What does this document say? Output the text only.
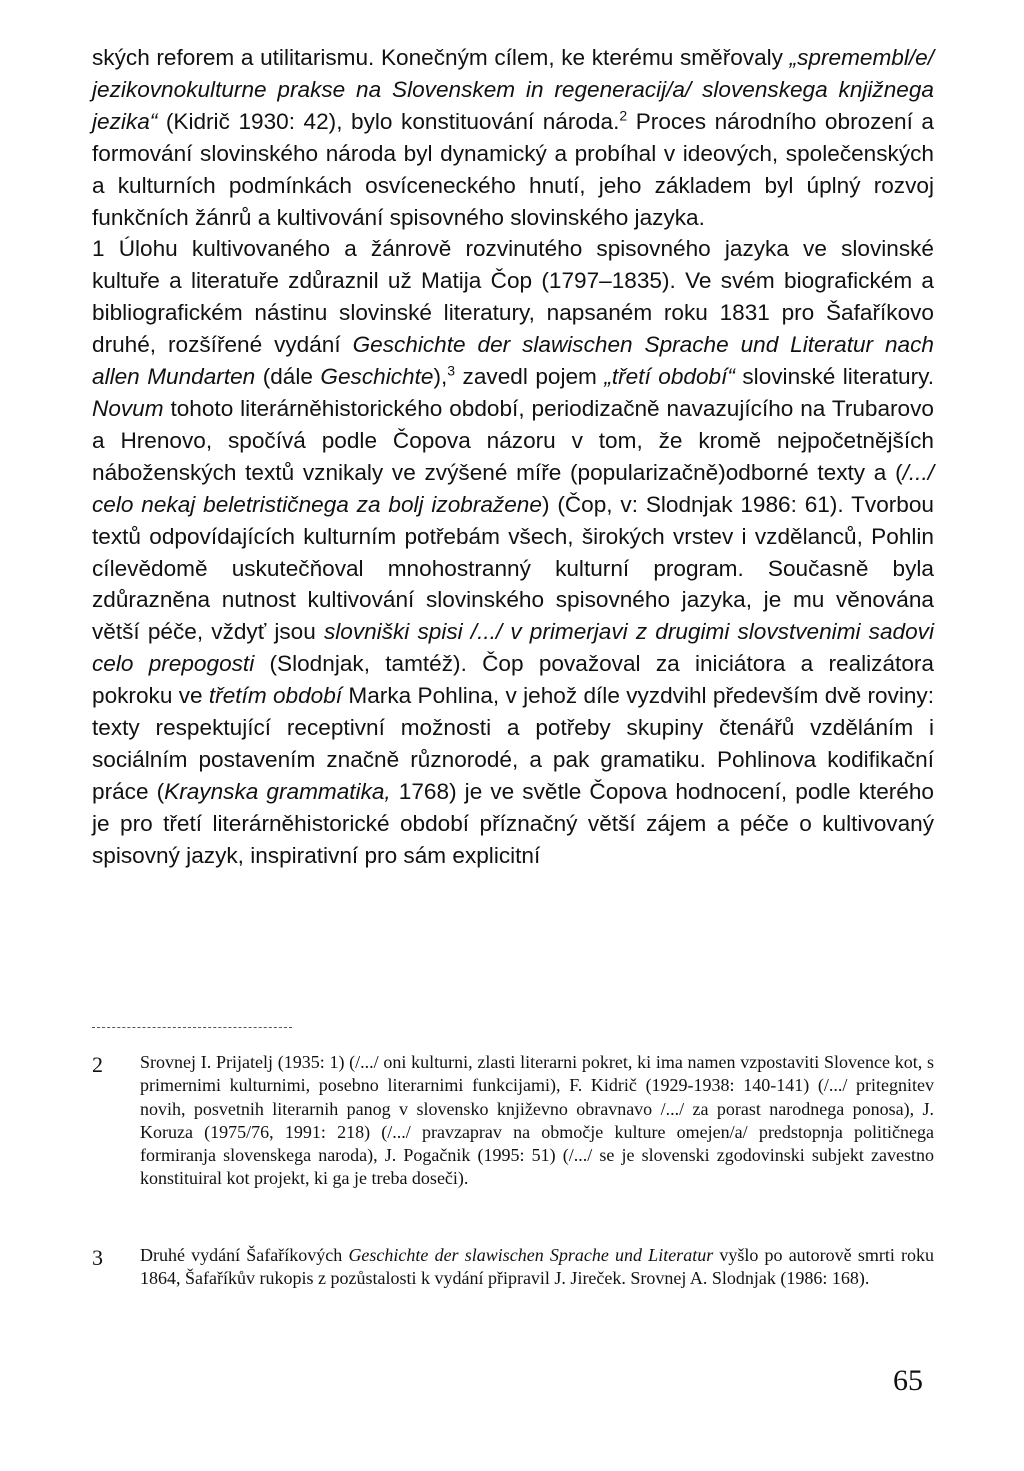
ských reforem a utilitarismu. Konečným cílem, ke kterému směřovaly „spremembl/e/ jezikovnokulturne prakse na Slovenskem in regeneracij/a/ slovenskega knjižnega jezika“ (Kidrič 1930: 42), bylo konstituování národa.$^2$ Proces národního obrození a formování slovinského národa byl dynamický a probíhal v ideových, společenských a kulturních podmínkách osvíceneckého hnutí, jeho základem byl úplný rozvoj funkčních žánrů a kultivování spisovného slovinského jazyka.

1 Úlohu kultivovaného a žánrově rozvinutého spisovného jazyka ve slovinské kultuře a literatuře zdůraznil už Matija Čop (1797–1835). Ve svém biografickém a bibliografickém nástinu slovinské literatury, napsaném roku 1831 pro Šafaříkovo druhé, rozšířené vydání Geschichte der slawischen Sprache und Literatur nach allen Mundarten (dále Geschichte),$^3$ zavedl pojem „třetí období“ slovinské literatury. Novum tohoto literárněhistorického období, periodizačně navazujícího na Trubarovo a Hrenovo, spočívá podle Čopova názoru v tom, že kromě nejpočetnějších náboženských textů vznikaly ve zvýšené míře (popularizačně)odborné texty a (/.../ celo nekaj beletrističnega za bolj izobražene) (Čop, v: Slodnjak 1986: 61). Tvorbou textů odpovídajících kulturním potřebám všech, širokých vrstev i vzdělanců, Pohlin cílevědomě uskutečňoval mnohostranný kulturní program. Současně byla zdůrazněna nutnost kultivování slovinského spisovného jazyka, je mu věnována větší péče, vždyť jsou slovniški spisi /.../ v primerjavi z drugimi slovstvenimi sadovi celo prepogosti (Slodnjak, tamtéž). Čop považoval za iniciátora a realizátora pokroku ve třetím období Marka Pohlina, v jehož díle vyzdvihl především dvě roviny: texty respektující receptivní možnosti a potřeby skupiny čtenářů vzděláním i sociálním postavením značně různorodé, a pak gramatiku. Pohlinova kodifikační práce (Kraynska grammatika, 1768) je ve světle Čopova hodnocení, podle kterého je pro třetí literárněhistorické období příznačný větší zájem a péče o kultivovaný spisovný jazyk, inspirativní pro sám explicitní

2 Srovnej I. Prijatelj (1935: 1) (/.../ oni kulturni, zlasti literarni pokret, ki ima namen vzpostaviti Slovence kot, s primernimi kulturnimi, posebno literarnimi funkcijami), F. Kidrič (1929-1938: 140-141) (/.../ pritegnitev novih, posvetnih literarnih panog v slovensko književno obravnavo /.../ za porast narodnega ponosa), J. Koruza (1975/76, 1991: 218) (/.../ pravzaprav na območje kulture omejen/a/ predstopnja političnega formiranja slovenskega naroda), J. Pogačnik (1995: 51) (/.../ se je slovenski zgodovinski subjekt zavestno konstituiral kot projekt, ki ga je treba doseči).
3 Druhé vydání Šafaříkových Geschichte der slawischen Sprache und Literatur vyšlo po autorově smrti roku 1864, Šafaříkův rukopis z pozůstalosti k vydání připravil J. Jireček. Srovnej A. Slodnjak (1986: 168).

65
